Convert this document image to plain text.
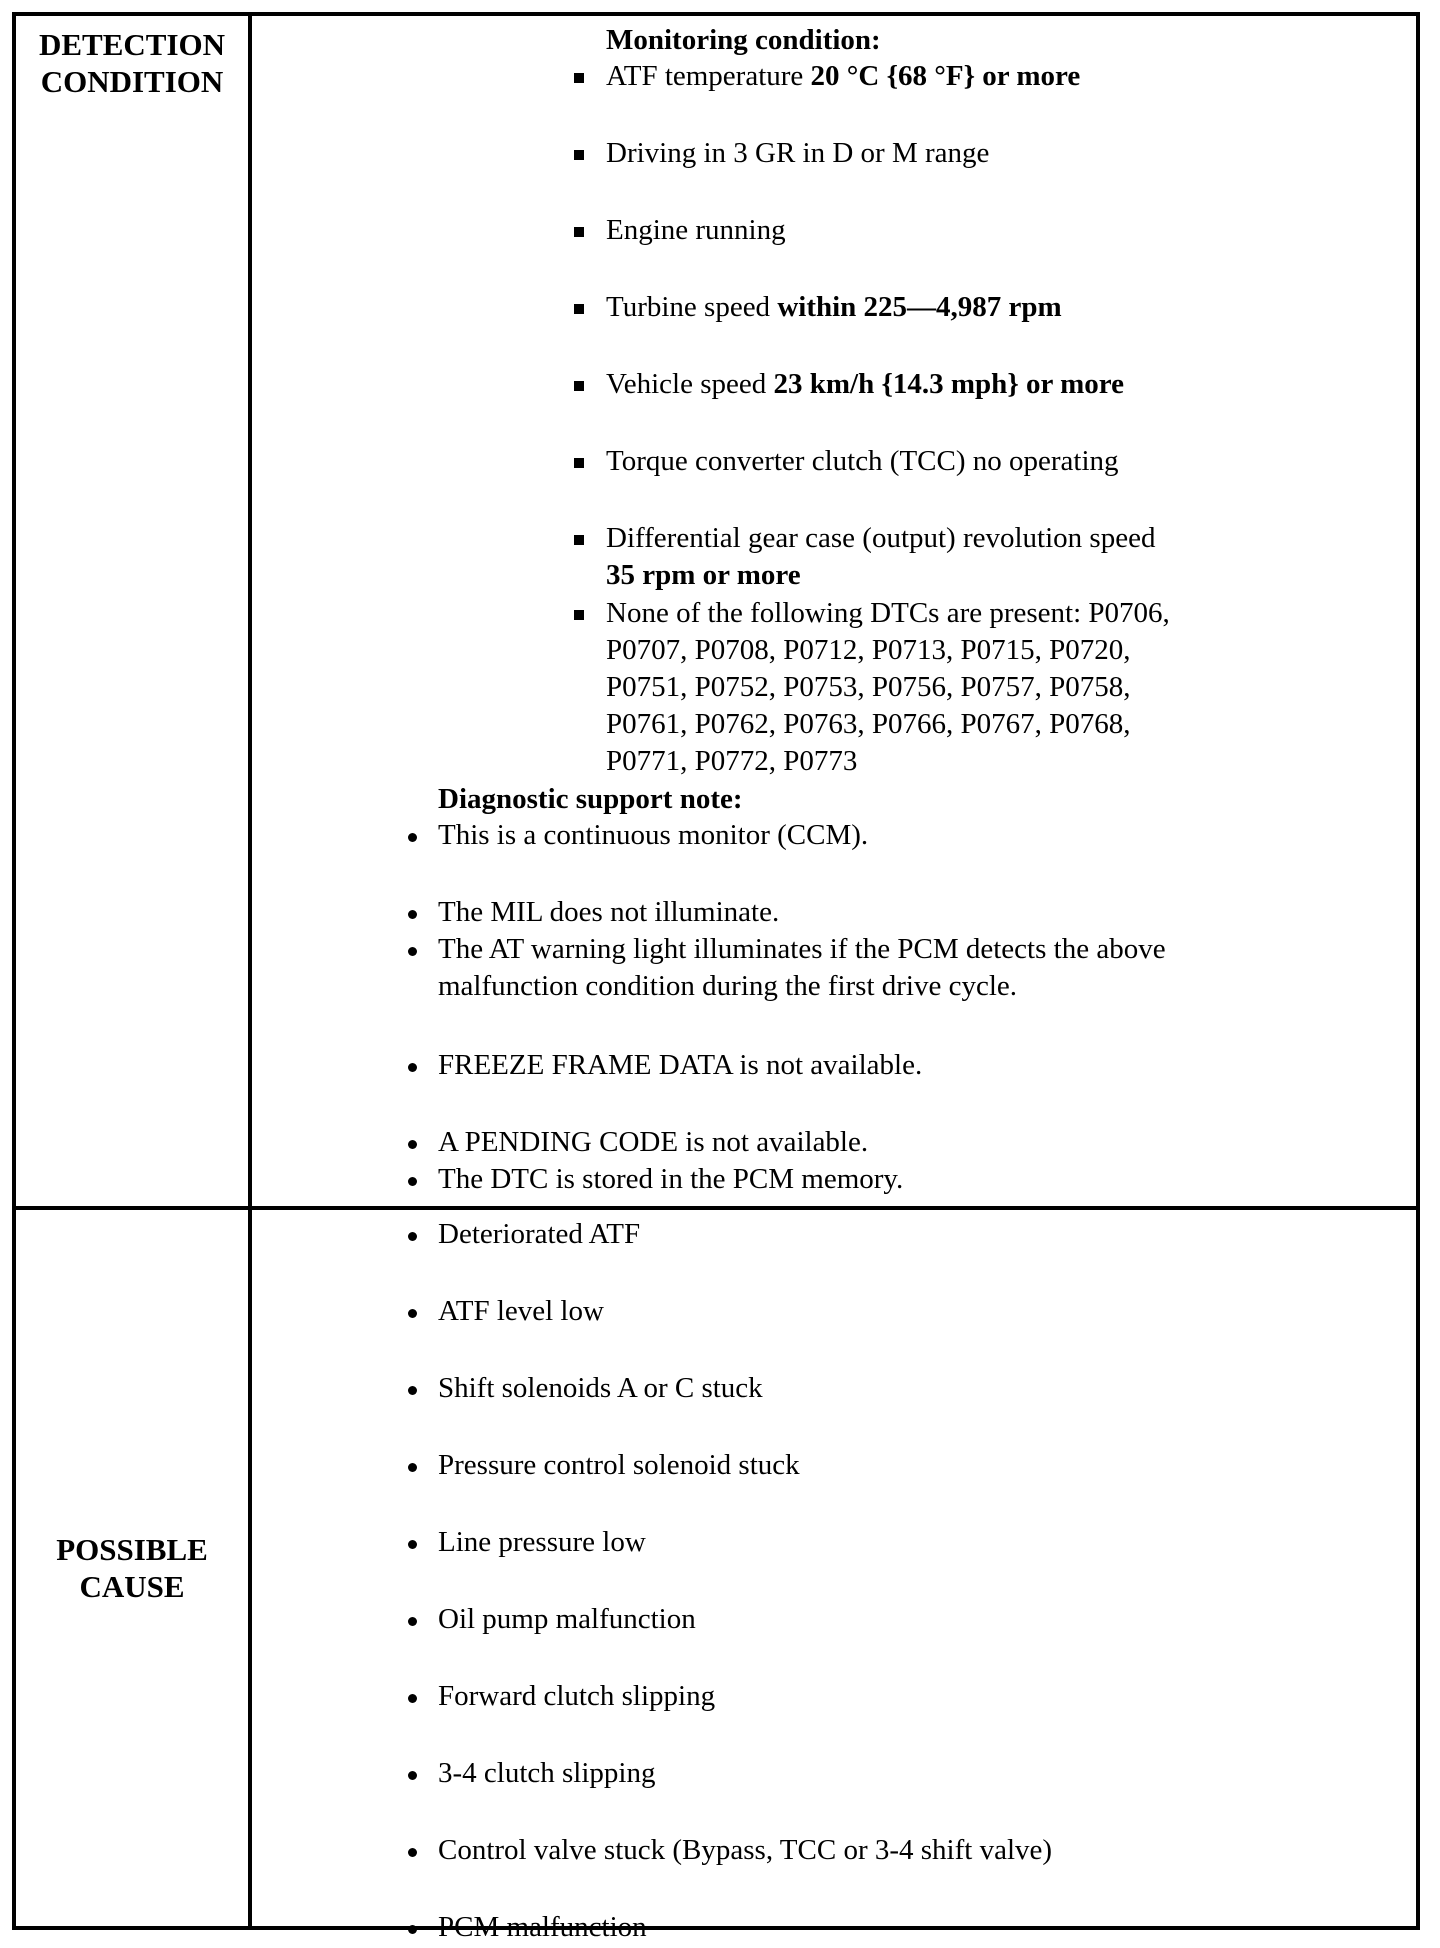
DETECTION
CONDITION
Monitoring condition:
ATF temperature 20 °C {68 °F} or more
Driving in 3 GR in D or M range
Engine running
Turbine speed within 225—4,987 rpm
Vehicle speed 23 km/h {14.3 mph} or more
Torque converter clutch (TCC) no operating
Differential gear case (output) revolution speed
35 rpm or more
None of the following DTCs are present: P0706,
P0707, P0708, P0712, P0713, P0715, P0720,
P0751, P0752, P0753, P0756, P0757, P0758,
P0761, P0762, P0763, P0766, P0767, P0768,
P0771, P0772, P0773
Diagnostic support note:
This is a continuous monitor (CCM).
The MIL does not illuminate.
The AT warning light illuminates if the PCM detects the above
malfunction condition during the first drive cycle.
FREEZE FRAME DATA is not available.
A PENDING CODE is not available.
The DTC is stored in the PCM memory.
POSSIBLE
CAUSE
Deteriorated ATF
ATF level low
Shift solenoids A or C stuck
Pressure control solenoid stuck
Line pressure low
Oil pump malfunction
Forward clutch slipping
3-4 clutch slipping
Control valve stuck (Bypass, TCC or 3-4 shift valve)
PCM malfunction
